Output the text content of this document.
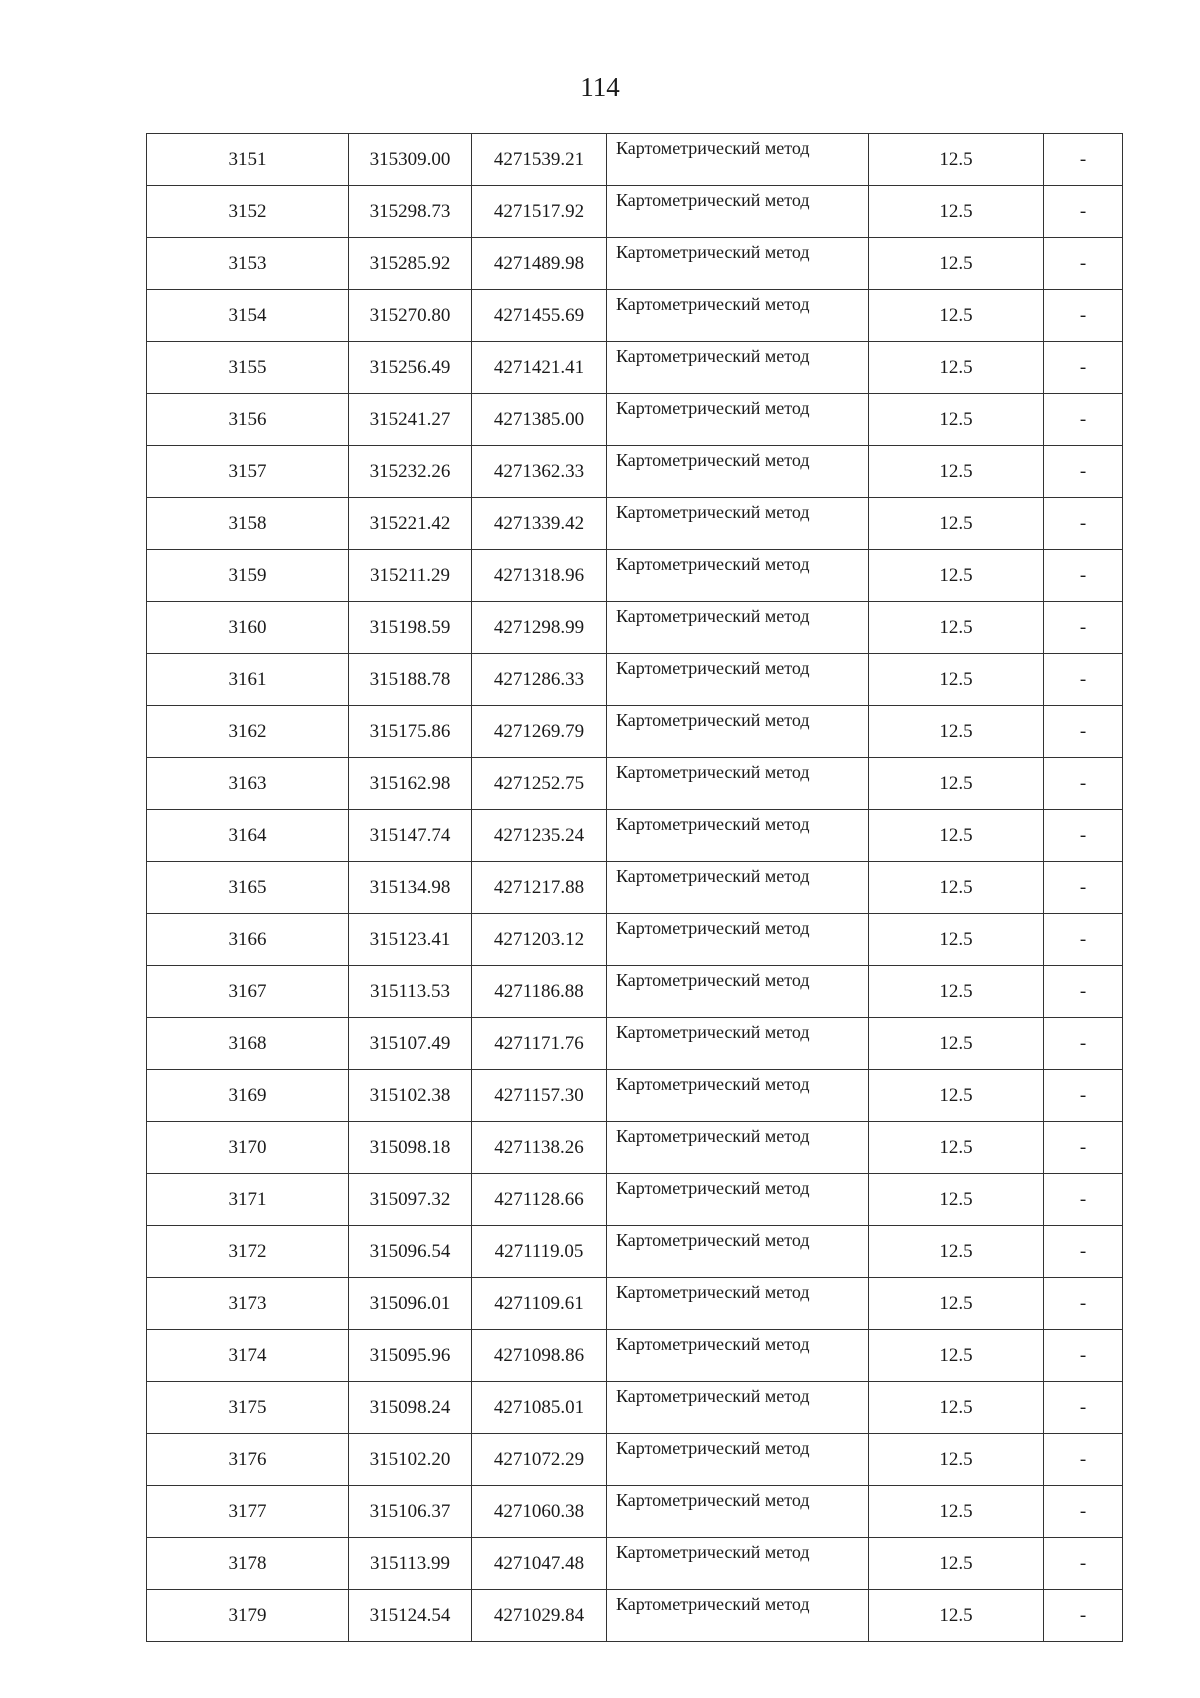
114
3151	315309.00	4271539.21	Картометрический метод	12.5	-
3152	315298.73	4271517.92	Картометрический метод	12.5	-
3153	315285.92	4271489.98	Картометрический метод	12.5	-
3154	315270.80	4271455.69	Картометрический метод	12.5	-
3155	315256.49	4271421.41	Картометрический метод	12.5	-
3156	315241.27	4271385.00	Картометрический метод	12.5	-
3157	315232.26	4271362.33	Картометрический метод	12.5	-
3158	315221.42	4271339.42	Картометрический метод	12.5	-
3159	315211.29	4271318.96	Картометрический метод	12.5	-
3160	315198.59	4271298.99	Картометрический метод	12.5	-
3161	315188.78	4271286.33	Картометрический метод	12.5	-
3162	315175.86	4271269.79	Картометрический метод	12.5	-
3163	315162.98	4271252.75	Картометрический метод	12.5	-
3164	315147.74	4271235.24	Картометрический метод	12.5	-
3165	315134.98	4271217.88	Картометрический метод	12.5	-
3166	315123.41	4271203.12	Картометрический метод	12.5	-
3167	315113.53	4271186.88	Картометрический метод	12.5	-
3168	315107.49	4271171.76	Картометрический метод	12.5	-
3169	315102.38	4271157.30	Картометрический метод	12.5	-
3170	315098.18	4271138.26	Картометрический метод	12.5	-
3171	315097.32	4271128.66	Картометрический метод	12.5	-
3172	315096.54	4271119.05	Картометрический метод	12.5	-
3173	315096.01	4271109.61	Картометрический метод	12.5	-
3174	315095.96	4271098.86	Картометрический метод	12.5	-
3175	315098.24	4271085.01	Картометрический метод	12.5	-
3176	315102.20	4271072.29	Картометрический метод	12.5	-
3177	315106.37	4271060.38	Картометрический метод	12.5	-
3178	315113.99	4271047.48	Картометрический метод	12.5	-
3179	315124.54	4271029.84	Картометрический метод	12.5	-
